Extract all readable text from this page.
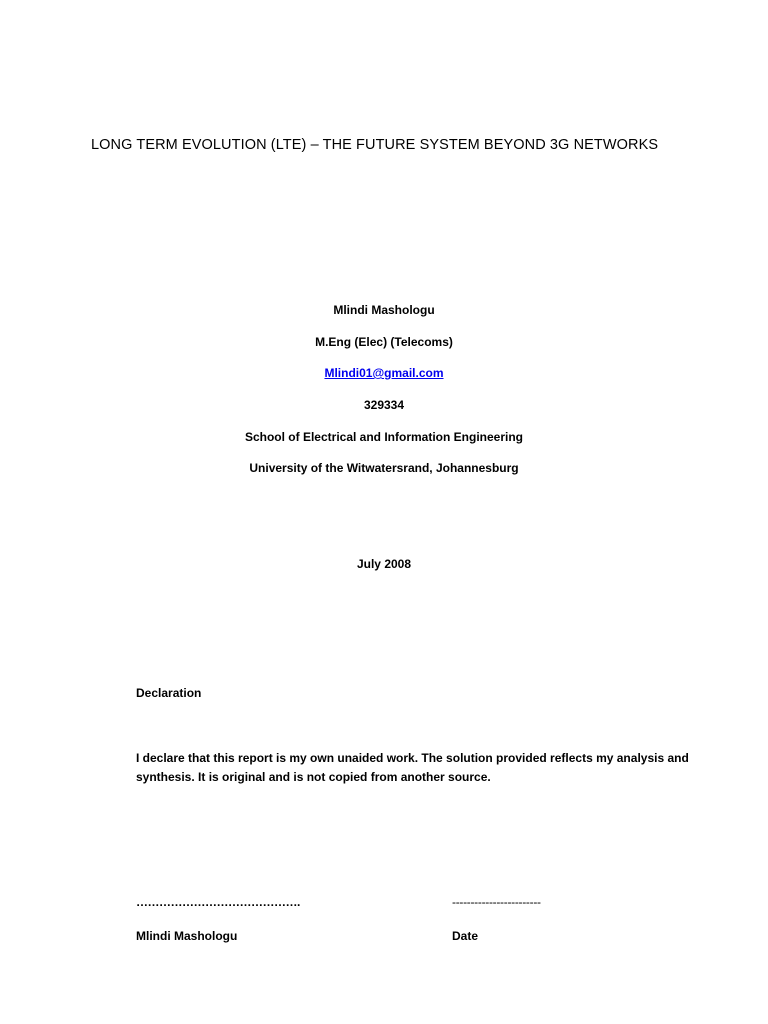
LONG TERM EVOLUTION (LTE) – THE FUTURE SYSTEM BEYOND 3G NETWORKS
Mlindi Mashologu
M.Eng (Elec) (Telecoms)
Mlindi01@gmail.com
329334
School of Electrical and Information Engineering
University of the Witwatersrand, Johannesburg
July 2008
Declaration

I declare that this report is my own unaided work. The solution provided reflects my analysis and

synthesis. It is original and is not copied from another source.

…………………………………….	------------------------
Mlindi Mashologu	Date
